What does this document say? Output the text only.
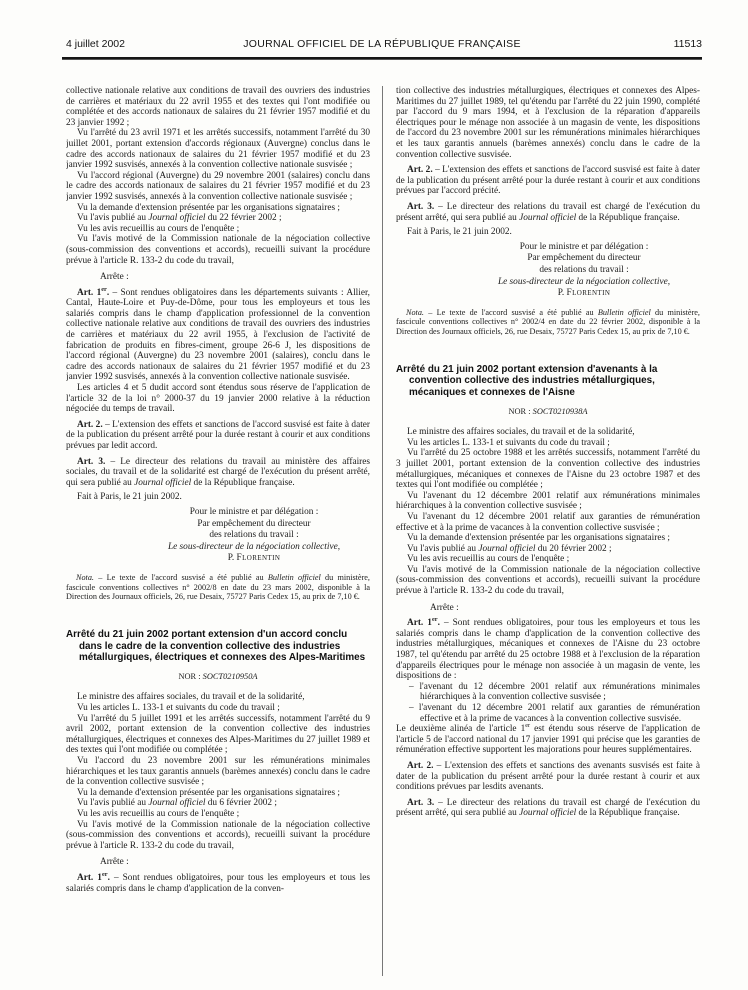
4 juillet 2002	JOURNAL OFFICIEL DE LA RÉPUBLIQUE FRANÇAISE	11513

collective nationale relative aux conditions de travail des ouvriers des industries de carrières et matériaux du 22 avril 1955 et des textes qui l'ont modifiée ou complétée et des accords nationaux de salaires du 21 février 1957 modifié et du 23 janvier 1992 ;

Vu l'arrêté du 23 avril 1971 et les arrêtés successifs, notamment l'arrêté du 30 juillet 2001, portant extension d'accords régionaux (Auvergne) conclus dans le cadre des accords nationaux de salaires du 21 février 1957 modifié et du 23 janvier 1992 susvisés, annexés à la convention collective nationale susvisée ;

Vu l'accord régional (Auvergne) du 29 novembre 2001 (salaires) conclu dans le cadre des accords nationaux de salaires du 21 février 1957 modifié et du 23 janvier 1992 susvisés, annexés à la convention collective nationale susvisée ;

Vu la demande d'extension présentée par les organisations signataires ;

Vu l'avis publié au Journal officiel du 22 février 2002 ;

Vu les avis recueillis au cours de l'enquête ;

Vu l'avis motivé de la Commission nationale de la négociation collective (sous-commission des conventions et accords), recueilli suivant la procédure prévue à l'article R. 133-2 du code du travail,

Arrête :

Art. 1er. – Sont rendues obligatoires dans les départements suivants : Allier, Cantal, Haute-Loire et Puy-de-Dôme, pour tous les employeurs et tous les salariés compris dans le champ d'application professionnel de la convention collective nationale relative aux conditions de travail des ouvriers des industries de carrières et matériaux du 22 avril 1955, à l'exclusion de l'activité de fabrication de produits en fibres-ciment, groupe 26-6 J, les dispositions de l'accord régional (Auvergne) du 23 novembre 2001 (salaires), conclu dans le cadre des accords nationaux de salaires du 21 février 1957 modifié et du 23 janvier 1992 susvisés, annexés à la convention collective nationale susvisée.

Les articles 4 et 5 dudit accord sont étendus sous réserve de l'application de l'article 32 de la loi n° 2000-37 du 19 janvier 2000 relative à la réduction négociée du temps de travail.

Art. 2. – L'extension des effets et sanctions de l'accord susvisé est faite à dater de la publication du présent arrêté pour la durée restant à courir et aux conditions prévues par ledit accord.

Art. 3. – Le directeur des relations du travail au ministère des affaires sociales, du travail et de la solidarité est chargé de l'exécution du présent arrêté, qui sera publié au Journal officiel de la République française.

Fait à Paris, le 21 juin 2002.

Pour le ministre et par délégation :

Par empêchement du directeur

des relations du travail :

Le sous-directeur de la négociation collective,

P. Florentin

Nota. – Le texte de l'accord susvisé a été publié au Bulletin officiel du ministère, fascicule conventions collectives n° 2002/8 en date du 23 mars 2002, disponible à la Direction des Journaux officiels, 26, rue Desaix, 75727 Paris Cedex 15, au prix de 7,10 €.

Arrêté du 21 juin 2002 portant extension d'un accord conclu dans le cadre de la convention collective des industries métallurgiques, électriques et connexes des Alpes-Maritimes

NOR : SOCT0210950A

Le ministre des affaires sociales, du travail et de la solidarité,

Vu les articles L. 133-1 et suivants du code du travail ;

Vu l'arrêté du 5 juillet 1991 et les arrêtés successifs, notamment l'arrêté du 9 avril 2002, portant extension de la convention collective des industries métallurgiques, électriques et connexes des Alpes-Maritimes du 27 juillet 1989 et des textes qui l'ont modifiée ou complétée ;

Vu l'accord du 23 novembre 2001 sur les rémunérations minimales hiérarchiques et les taux garantis annuels (barèmes annexés) conclu dans le cadre de la convention collective susvisée ;

Vu la demande d'extension présentée par les organisations signataires ;

Vu l'avis publié au Journal officiel du 6 février 2002 ;

Vu les avis recueillis au cours de l'enquête ;

Vu l'avis motivé de la Commission nationale de la négociation collective (sous-commission des conventions et accords), recueilli suivant la procédure prévue à l'article R. 133-2 du code du travail,

Arrête :

Art. 1er. – Sont rendues obligatoires, pour tous les employeurs et tous les salariés compris dans le champ d'application de la conven-

tion collective des industries métallurgiques, électriques et connexes des Alpes-Maritimes du 27 juillet 1989, tel qu'étendu par l'arrêté du 22 juin 1990, complété par l'accord du 9 mars 1994, et à l'exclusion de la réparation d'appareils électriques pour le ménage non associée à un magasin de vente, les dispositions de l'accord du 23 novembre 2001 sur les rémunérations minimales hiérarchiques et les taux garantis annuels (barèmes annexés) conclu dans le cadre de la convention collective susvisée.

Art. 2. – L'extension des effets et sanctions de l'accord susvisé est faite à dater de la publication du présent arrêté pour la durée restant à courir et aux conditions prévues par l'accord précité.

Art. 3. – Le directeur des relations du travail est chargé de l'exécution du présent arrêté, qui sera publié au Journal officiel de la République française.

Fait à Paris, le 21 juin 2002.

Pour le ministre et par délégation :

Par empêchement du directeur

des relations du travail :

Le sous-directeur de la négociation collective,

P. Florentin

Nota. – Le texte de l'accord susvisé a été publié au Bulletin officiel du ministère, fascicule conventions collectives n° 2002/4 en date du 22 février 2002, disponible à la Direction des Journaux officiels, 26, rue Desaix, 75727 Paris Cedex 15, au prix de 7,10 €.

Arrêté du 21 juin 2002 portant extension d'avenants à la convention collective des industries métallurgiques, mécaniques et connexes de l'Aisne

NOR : SOCT0210938A

Le ministre des affaires sociales, du travail et de la solidarité,

Vu les articles L. 133-1 et suivants du code du travail ;

Vu l'arrêté du 25 octobre 1988 et les arrêtés successifs, notamment l'arrêté du 3 juillet 2001, portant extension de la convention collective des industries métallurgiques, mécaniques et connexes de l'Aisne du 23 octobre 1987 et des textes qui l'ont modifiée ou complétée ;

Vu l'avenant du 12 décembre 2001 relatif aux rémunérations minimales hiérarchiques à la convention collective susvisée ;

Vu l'avenant du 12 décembre 2001 relatif aux garanties de rémunération effective et à la prime de vacances à la convention collective susvisée ;

Vu la demande d'extension présentée par les organisations signataires ;

Vu l'avis publié au Journal officiel du 20 février 2002 ;

Vu les avis recueillis au cours de l'enquête ;

Vu l'avis motivé de la Commission nationale de la négociation collective (sous-commission des conventions et accords), recueilli suivant la procédure prévue à l'article R. 133-2 du code du travail,

Arrête :

Art. 1er. – Sont rendues obligatoires, pour tous les employeurs et tous les salariés compris dans le champ d'application de la convention collective des industries métallurgiques, mécaniques et connexes de l'Aisne du 23 octobre 1987, tel qu'étendu par arrêté du 25 octobre 1988 et à l'exclusion de la réparation d'appareils électriques pour le ménage non associée à un magasin de vente, les dispositions de :

– l'avenant du 12 décembre 2001 relatif aux rémunérations minimales hiérarchiques à la convention collective susvisée ;

– l'avenant du 12 décembre 2001 relatif aux garanties de rémunération effective et à la prime de vacances à la convention collective susvisée.

Le deuxième alinéa de l'article 1er est étendu sous réserve de l'application de l'article 5 de l'accord national du 17 janvier 1991 qui précise que les garanties de rémunération effective supportent les majorations pour heures supplémentaires.

Art. 2. – L'extension des effets et sanctions des avenants susvisés est faite à dater de la publication du présent arrêté pour la durée restant à courir et aux conditions prévues par lesdits avenants.

Art. 3. – Le directeur des relations du travail est chargé de l'exécution du présent arrêté, qui sera publié au Journal officiel de la République française.
